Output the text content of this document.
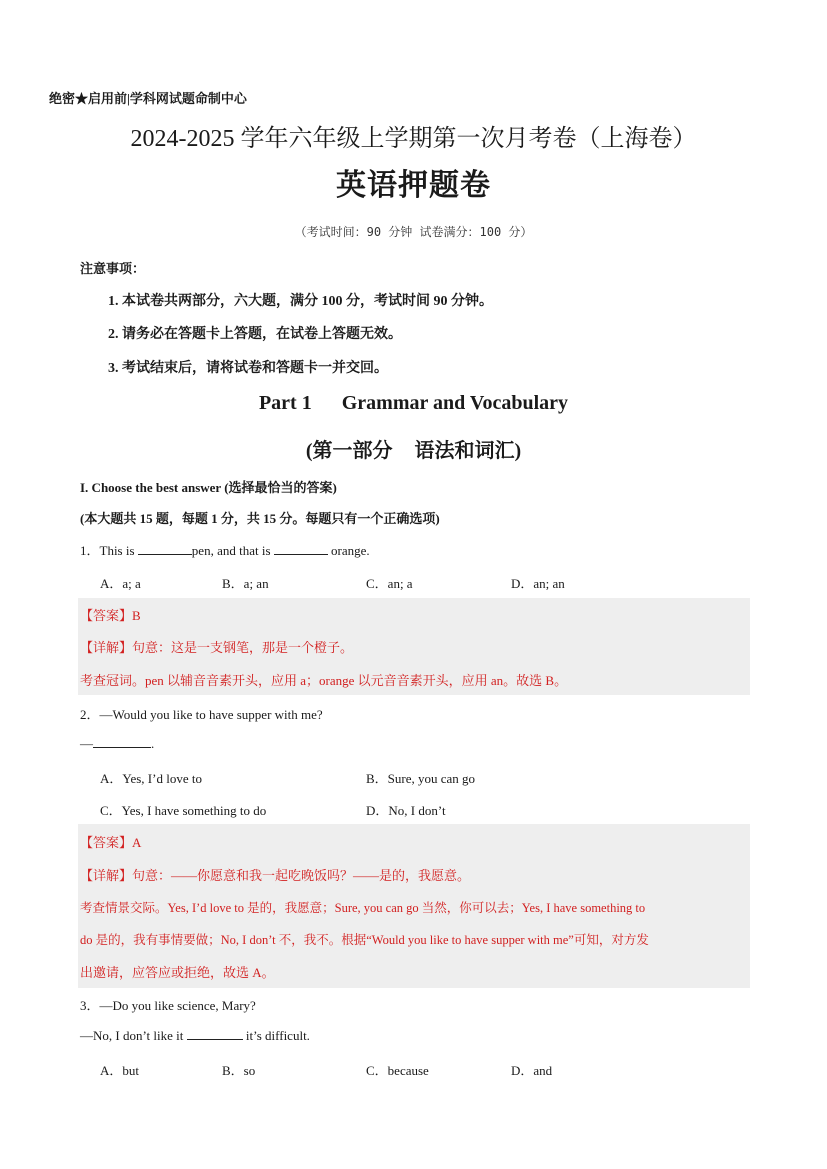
绝密★启用前|学科网试题命制中心
2024-2025 学年六年级上学期第一次月考卷（上海卷）
英语押题卷
（考试时间：90 分钟 试卷满分：100 分）
注意事项：
1. 本试卷共两部分，六大题，满分 100 分，考试时间 90 分钟。
2. 请务必在答题卡上答题，在试卷上答题无效。
3. 考试结束后，请将试卷和答题卡一并交回。
Part 1 Grammar and Vocabulary
(第一部分 语法和词汇)
I. Choose the best answer (选择最恰当的答案)
(本大题共 15 题，每题 1 分，共 15 分。每题只有一个正确选项)
1．This is	pen, and that is	orange.
A．a; a	B．a; an	C．an; a	D．an; an
【答案】B
【详解】句意：这是一支钢笔，那是一个橙子。
考查冠词。pen 以辅音音素开头，应用 a；orange 以元音音素开头，应用 an。故选 B。
2．—Would you like to have supper with me?
—	.
A．Yes, I’d love to	B．Sure, you can go
C．Yes, I have something to do	D．No, I don’t
【答案】A
【详解】句意：——你愿意和我一起吃晚饭吗？——是的，我愿意。
考查情景交际。Yes, I’d love to 是的，我愿意；Sure, you can go 当然，你可以去；Yes, I have something to
do 是的，我有事情要做；No, I don’t 不，我不。根据“Would you like to have supper with me”可知，对方发
出邀请，应答应或拒绝，故选 A。
3．—Do you like science, Mary?
—No, I don’t like it	it’s difficult.
A．but	B．so	C．because	D．and
